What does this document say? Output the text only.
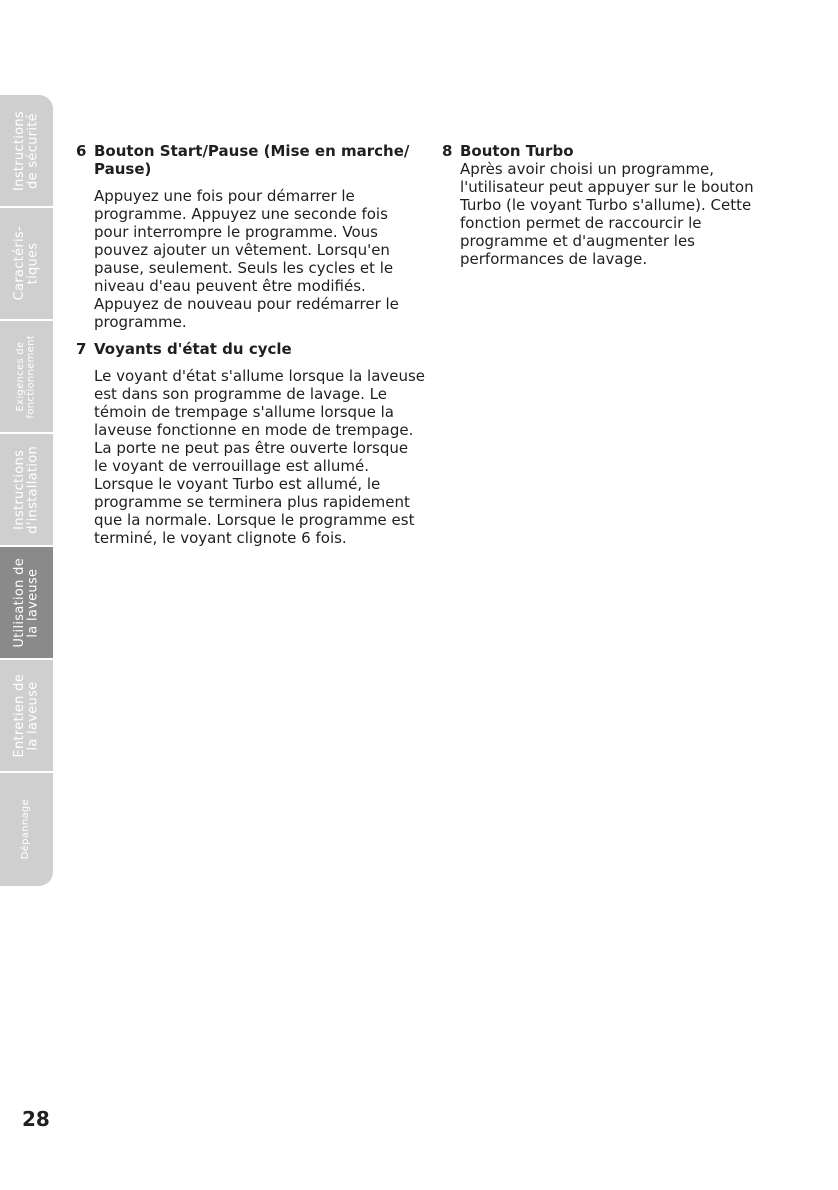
Instructions
de sécurité
Caractéris-
tiques
Exigences de
fonctionnement
Instructions
d'installation
Utilisation de
la laveuse
Entretien de
la laveuse
Dépannage
6 Bouton Start/Pause (Mise en marche/ Pause)

Appuyez une fois pour démarrer le programme. Appuyez une seconde fois pour interrompre le programme. Vous pouvez ajouter un vêtement. Lorsqu'en pause, seulement. Seuls les cycles et le niveau d'eau peuvent être modifiés.

Appuyez de nouveau pour redémarrer le programme.

7 Voyants d'état du cycle

Le voyant d'état s'allume lorsque la laveuse est dans son programme de lavage. Le témoin de trempage s'allume lorsque la laveuse fonctionne en mode de trempage. La porte ne peut pas être ouverte lorsque le voyant de verrouillage est allumé.

Lorsque le voyant Turbo est allumé, le programme se terminera plus rapidement que la normale. Lorsque le programme est terminé, le voyant clignote 6 fois.

8 Bouton Turbo

Après avoir choisi un programme, l'utilisateur peut appuyer sur le bouton Turbo (le voyant Turbo s'allume). Cette fonction permet de raccourcir le programme et d'augmenter les performances de lavage.

28
